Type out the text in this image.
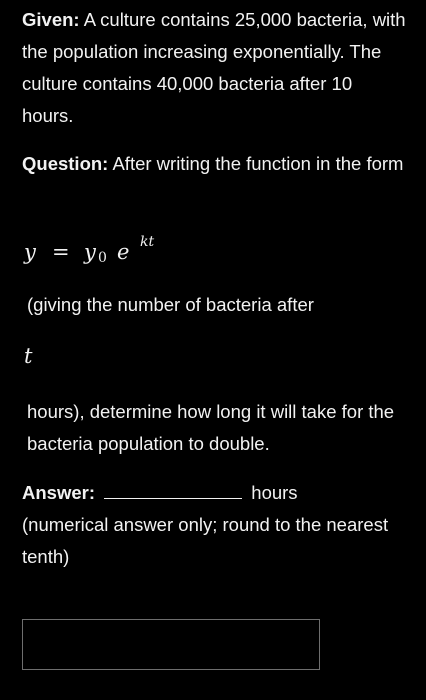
Given: A culture contains 25,000 bacteria, with the population increasing exponentially. The culture contains 40,000 bacteria after 10 hours.
Question: After writing the function in the form
y = y 0 e kt
(giving the number of bacteria after
t
hours), determine how long it will take for the bacteria population to double.
Answer:	hours
(numerical answer only; round to the nearest tenth)
